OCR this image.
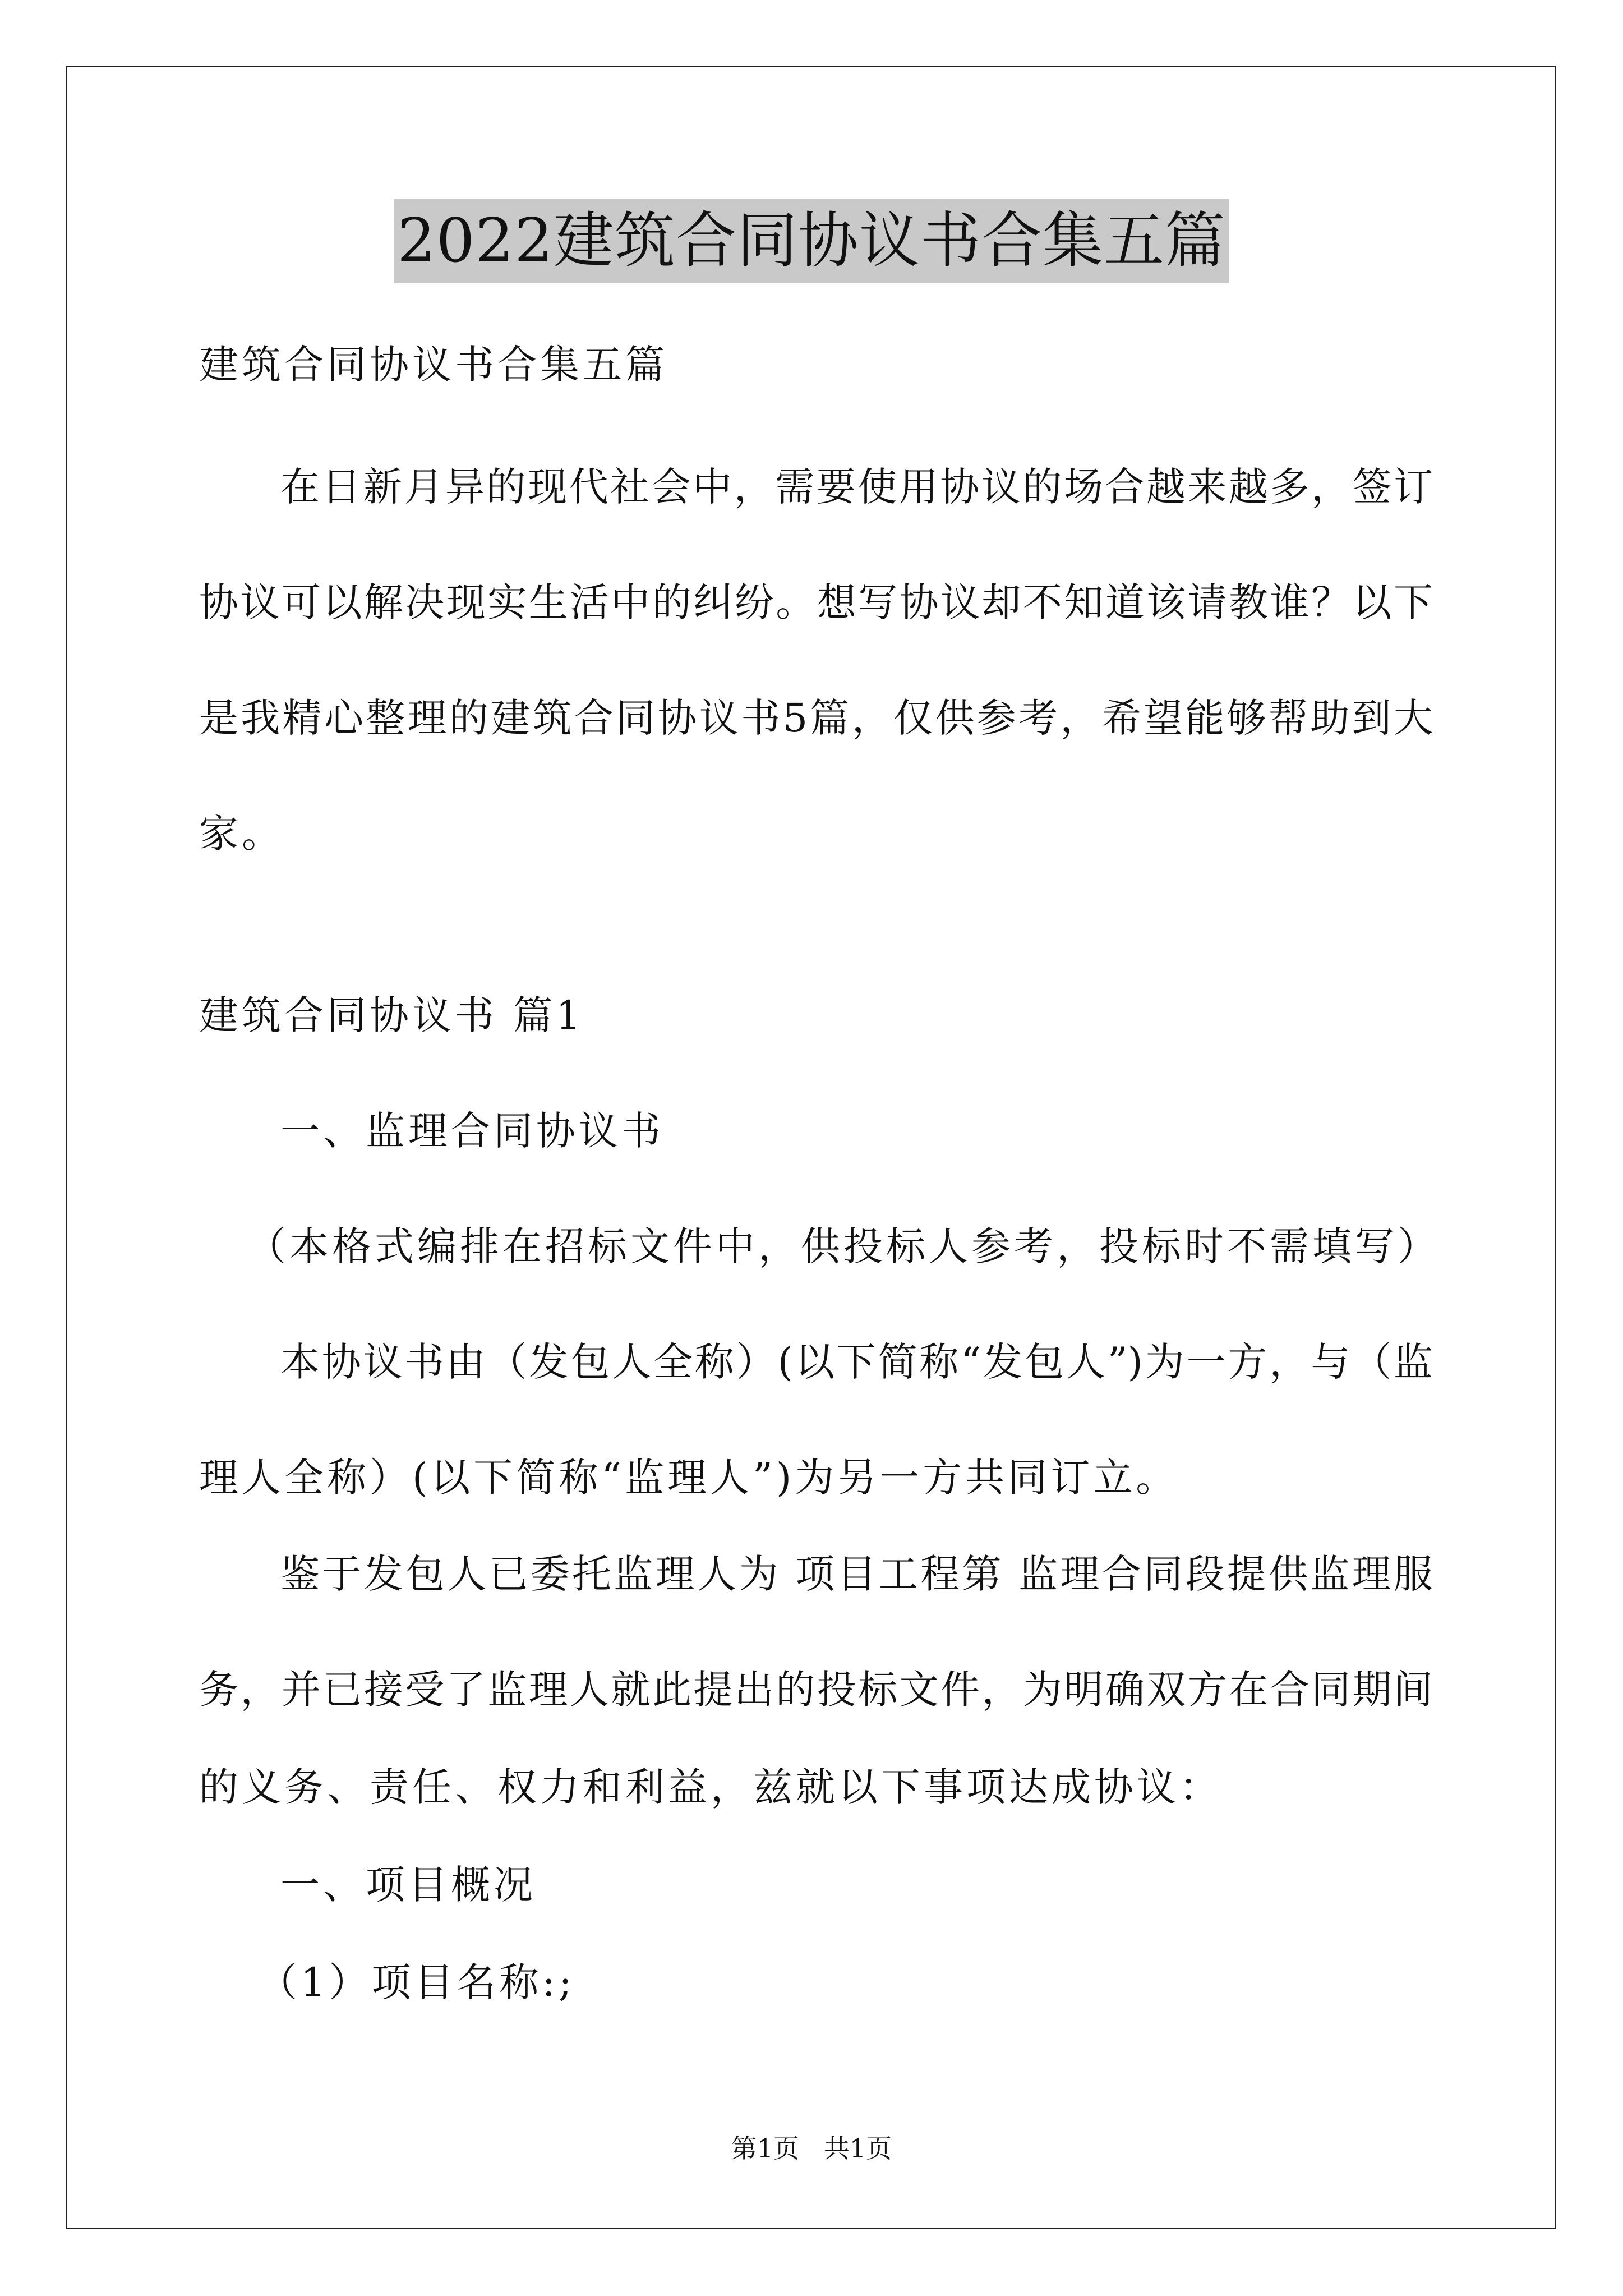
2022建筑合同协议书合集五篇
建筑合同协议书合集五篇
在日新月异的现代社会中，需要使用协议的场合越来越多，签订
协议可以解决现实生活中的纠纷。想写协议却不知道该请教谁？以下
是我精心整理的建筑合同协议书5篇，仅供参考，希望能够帮助到大
家。
建筑合同协议书 篇1
一、监理合同协议书
（本格式编排在招标文件中，供投标人参考，投标时不需填写）
本协议书由（发包人全称）(以下简称“发包人”)为一方，与（监
理人全称）(以下简称“监理人”)为另一方共同订立。
鉴于发包人已委托监理人为 项目工程第 监理合同段提供监理服
务，并已接受了监理人就此提出的投标文件，为明确双方在合同期间
的义务、责任、权力和利益，兹就以下事项达成协议：
一、项目概况
（1）项目名称:;
第1页   共1页
